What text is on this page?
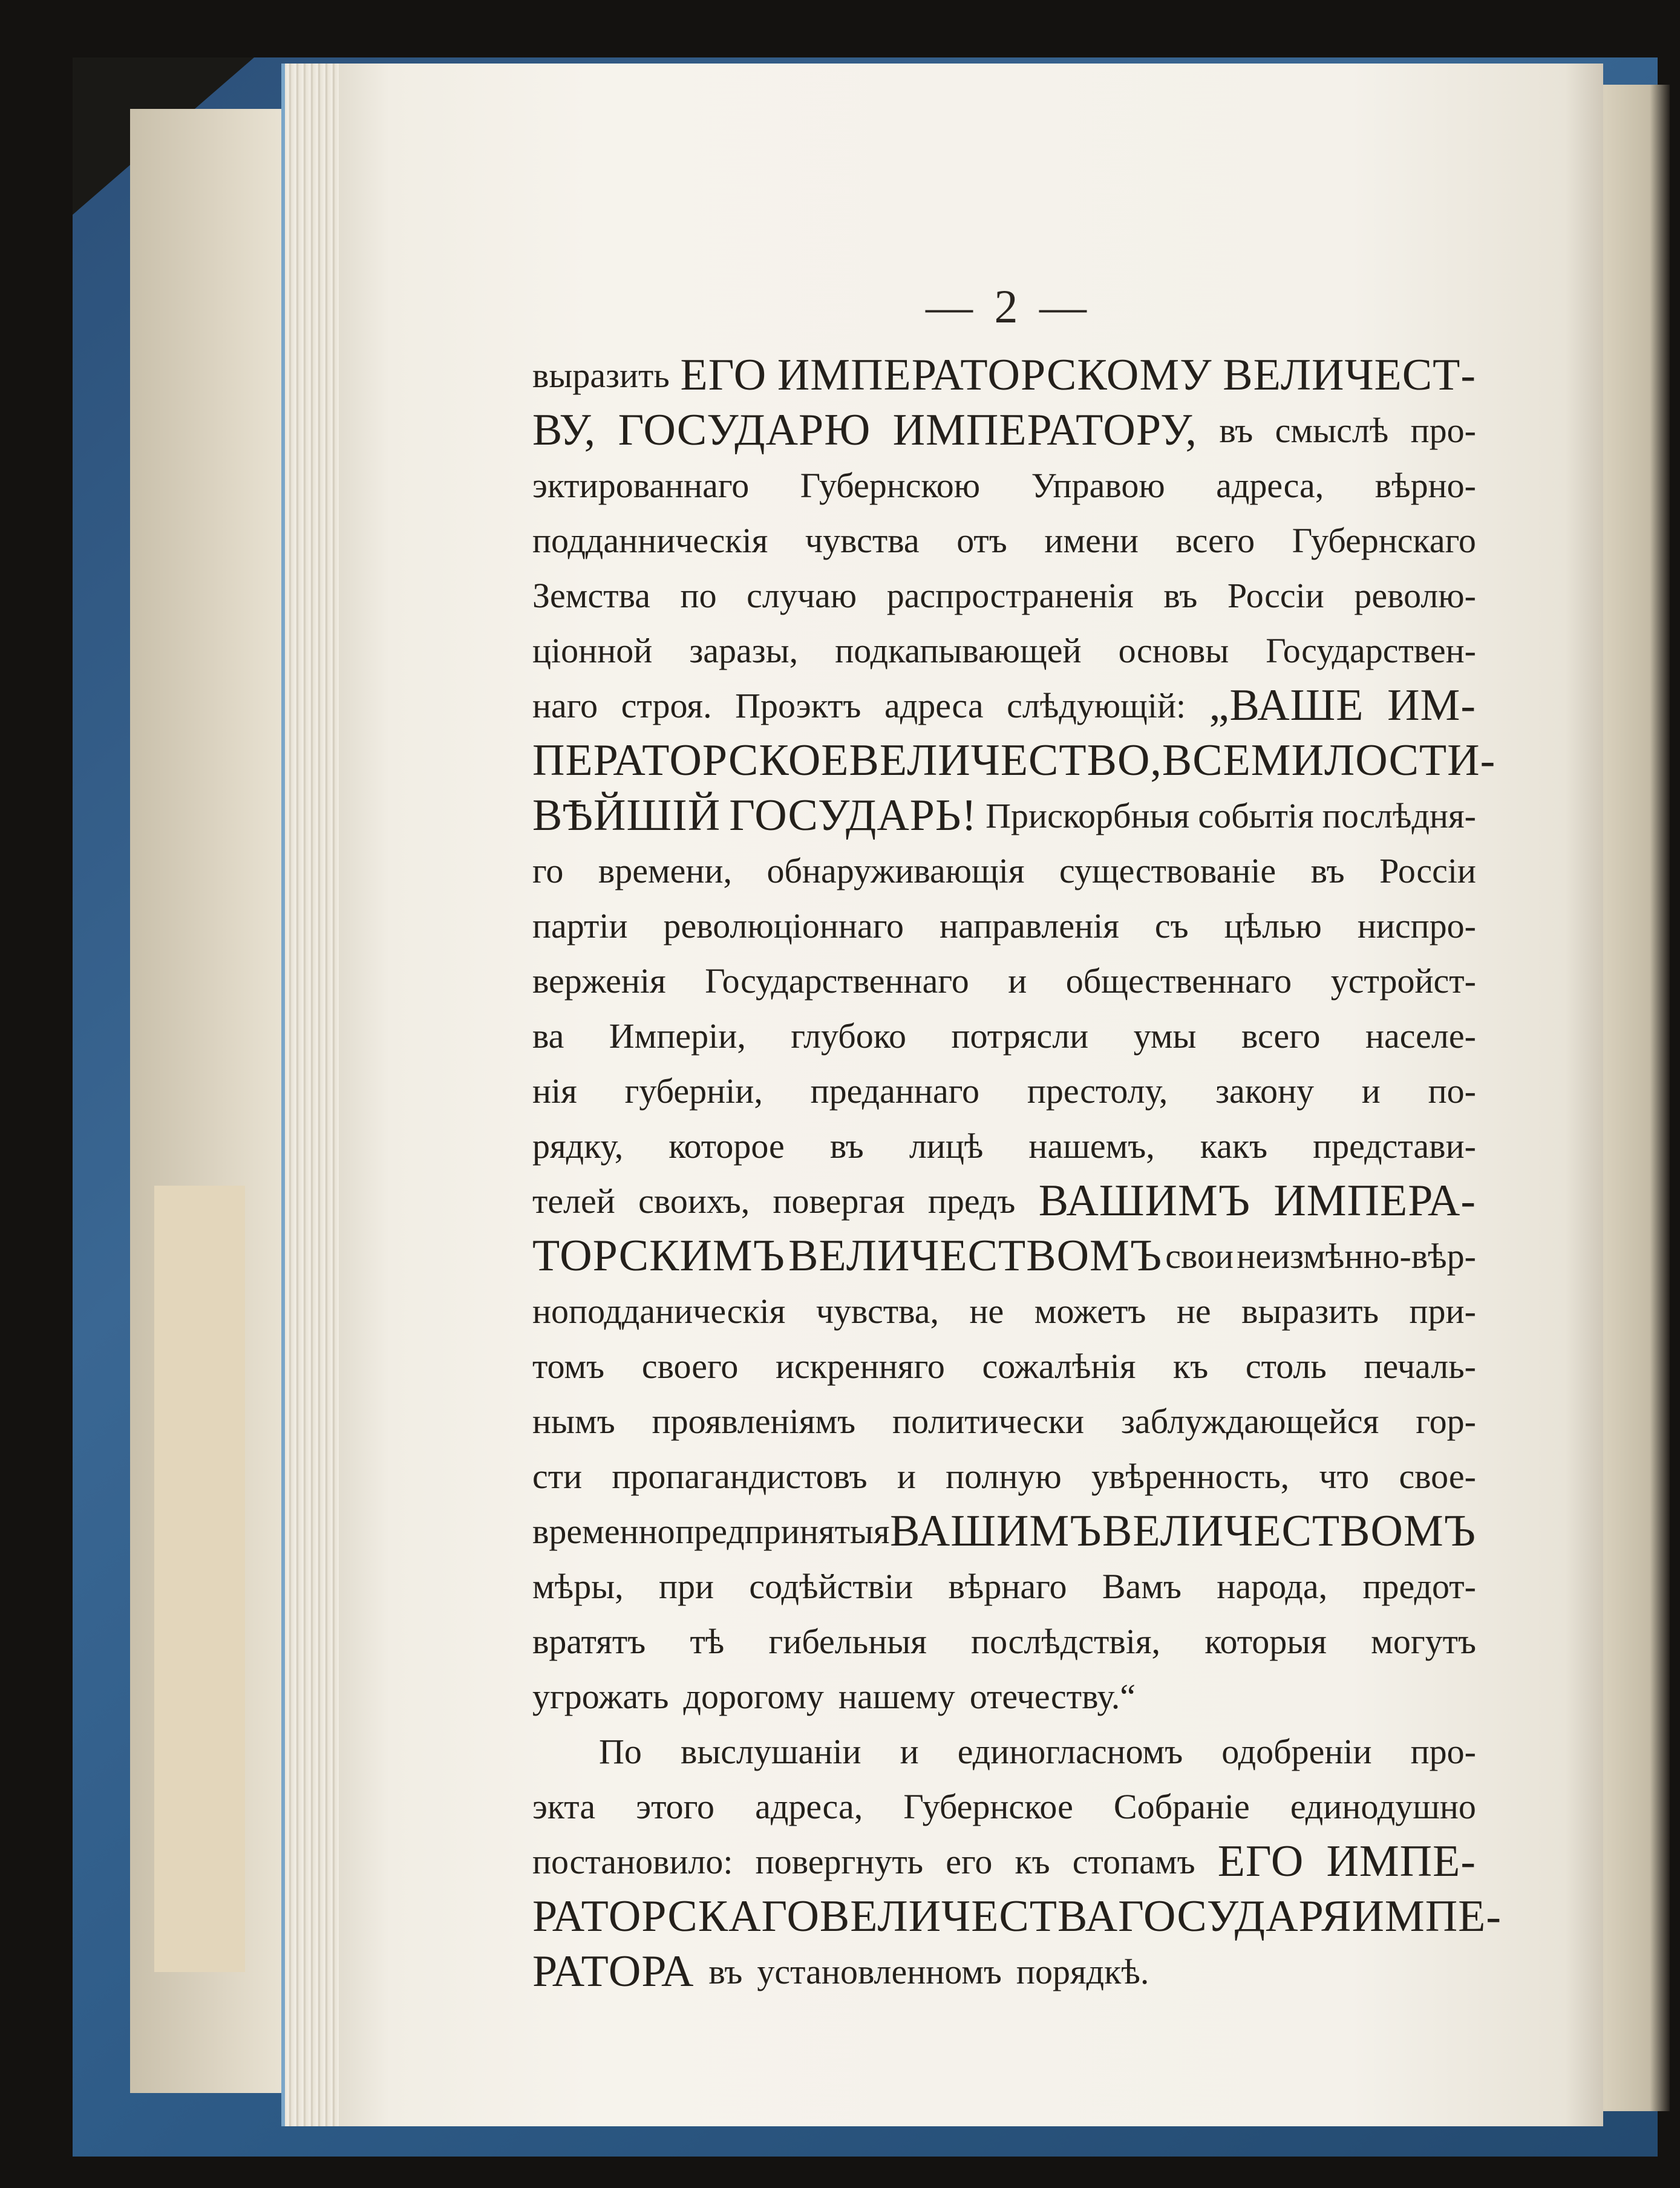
— 2 —
выразить ЕГО ИМПЕРАТОРСКОМУ ВЕЛИЧЕСТ-
ВУ, ГОСУДАРЮ ИМПЕРАТОРУ, въ смыслѣ про-
эктированнаго Губернскою Управою адреса, вѣрно-
подданническія чувства отъ имени всего Губернскаго
Земства по случаю распространенія въ Россіи револю-
ціонной заразы, подкапывающей основы Государствен-
наго строя. Проэктъ адреса слѣдующій: „ВАШЕ ИМ-
ПЕРАТОРСКОЕ ВЕЛИЧЕСТВО, ВСЕМИЛОСТИ-
ВѢЙШІЙ ГОСУДАРЬ! Прискорбныя событія послѣдня-
го времени, обнаруживающія существованіе въ Россіи
партіи революціоннаго направленія съ цѣлью ниспро-
верженія Государственнаго и общественнаго устройст-
ва Имперіи, глубоко потрясли умы всего населе-
нія губерніи, преданнаго престолу, закону и по-
рядку, которое въ лицѣ нашемъ, какъ представи-
телей своихъ, повергая предъ ВАШИМЪ ИМПЕРА-
ТОРСКИМЪ ВЕЛИЧЕСТВОМЪ свои неизмѣнно-вѣр-
ноподданическія чувства, не можетъ не выразить при-
томъ своего искренняго сожалѣнія къ столь печаль-
нымъ проявленіямъ политически заблуждающейся гор-
сти пропагандистовъ и полную увѣренность, что свое-
временно предпринятыя ВАШИМЪ ВЕЛИЧЕСТВОМЪ
мѣры, при содѣйствіи вѣрнаго Вамъ народа, предот-
вратятъ тѣ гибельныя послѣдствія, которыя могутъ
угрожать дорогому нашему отечеству.“
По выслушаніи и единогласномъ одобреніи про-
экта этого адреса, Губернское Собраніе единодушно
постановило: повергнуть его къ стопамъ ЕГО ИМПЕ-
РАТОРСКАГО ВЕЛИЧЕСТВА ГОСУДАРЯ ИМПЕ-
РАТОРА въ установленномъ порядкѣ.
